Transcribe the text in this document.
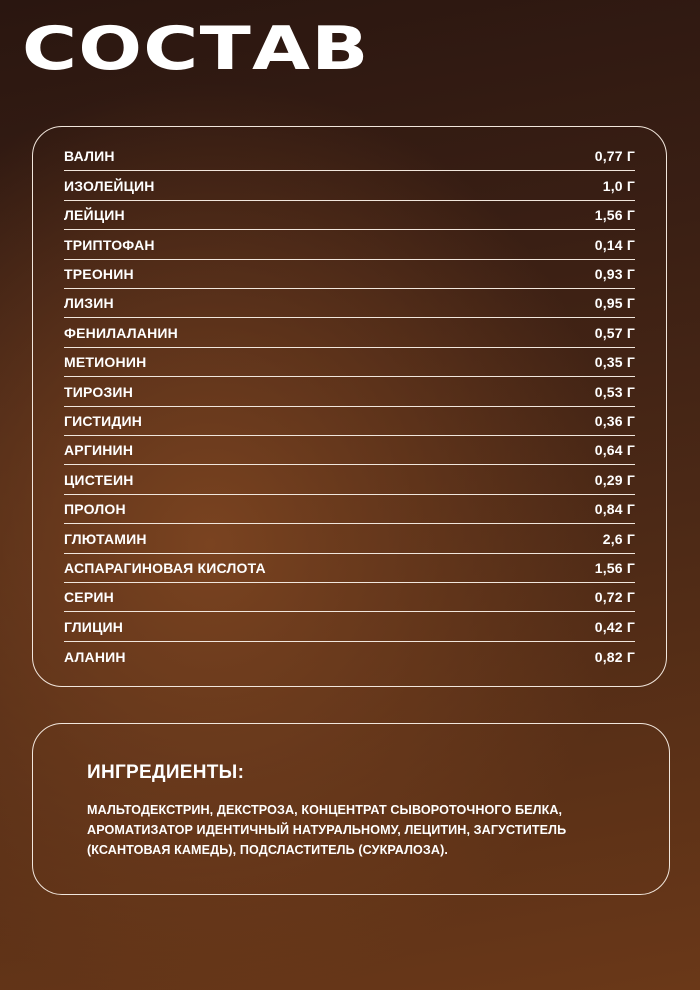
СОСТАВ
ВАЛИН	0,77 Г
ИЗОЛЕЙЦИН	1,0 Г
ЛЕЙЦИН	1,56 Г
ТРИПТОФАН	0,14 Г
ТРЕОНИН	0,93 Г
ЛИЗИН	0,95 Г
ФЕНИЛАЛАНИН	0,57 Г
МЕТИОНИН	0,35 Г
ТИРОЗИН	0,53 Г
ГИСТИДИН	0,36 Г
АРГИНИН	0,64 Г
ЦИСТЕИН	0,29 Г
ПРОЛОН	0,84 Г
ГЛЮТАМИН	2,6 Г
АСПАРАГИНОВАЯ КИСЛОТА	1,56 Г
СЕРИН	0,72 Г
ГЛИЦИН	0,42 Г
АЛАНИН	0,82 Г
ИНГРЕДИЕНТЫ:
МАЛЬТОДЕКСТРИН, ДЕКСТРОЗА, КОНЦЕНТРАТ СЫВОРОТОЧНОГО БЕЛКА, АРОМАТИЗАТОР ИДЕНТИЧНЫЙ НАТУРАЛЬНОМУ, ЛЕЦИТИН, ЗАГУСТИТЕЛЬ (КСАНТОВАЯ КАМЕДЬ), ПОДСЛАСТИТЕЛЬ (СУКРАЛОЗА).
